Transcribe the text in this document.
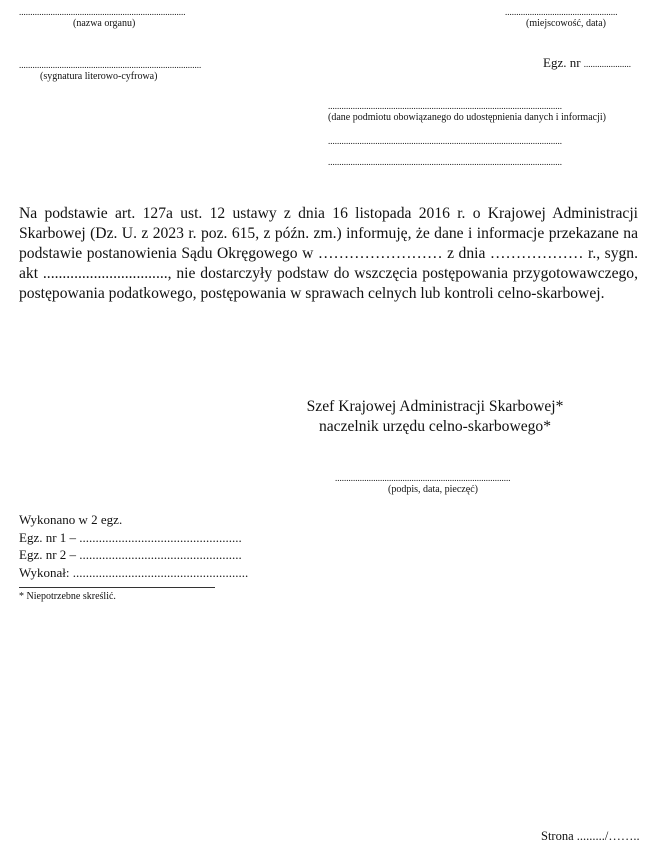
..........................................................................
(nazwa organu)
..................................................
(miejscowość, data)
.................................................................................
(sygnatura literowo-cyfrowa)
Egz. nr .....................
........................................................................................................
(dane podmiotu obowiązanego do udostępnienia danych i informacji)
........................................................................................................
........................................................................................................

Na podstawie art. 127a ust. 12 ustawy z dnia 16 listopada 2016 r. o Krajowej Administracji Skarbowej (Dz. U. z 2023 r. poz. 615, z późn. zm.) informuję, że dane i informacje przekazane na podstawie postanowienia Sądu Okręgowego w …………………… z dnia ……………… r., sygn. akt ................................, nie dostarczyły podstaw do wszczęcia postępowania przygotowawczego, postępowania podatkowego, postępowania w sprawach celnych lub kontroli celno-skarbowej.

Szef Krajowej Administracji Skarbowej*
naczelnik urzędu celno-skarbowego*
..............................................................................
(podpis, data, pieczęć)
Wykonano w 2 egz.
Egz. nr 1 – ..................................................
Egz. nr 2 – ..................................................
Wykonał: ......................................................
* Niepotrzebne skreślić.
Strona ........./……..
